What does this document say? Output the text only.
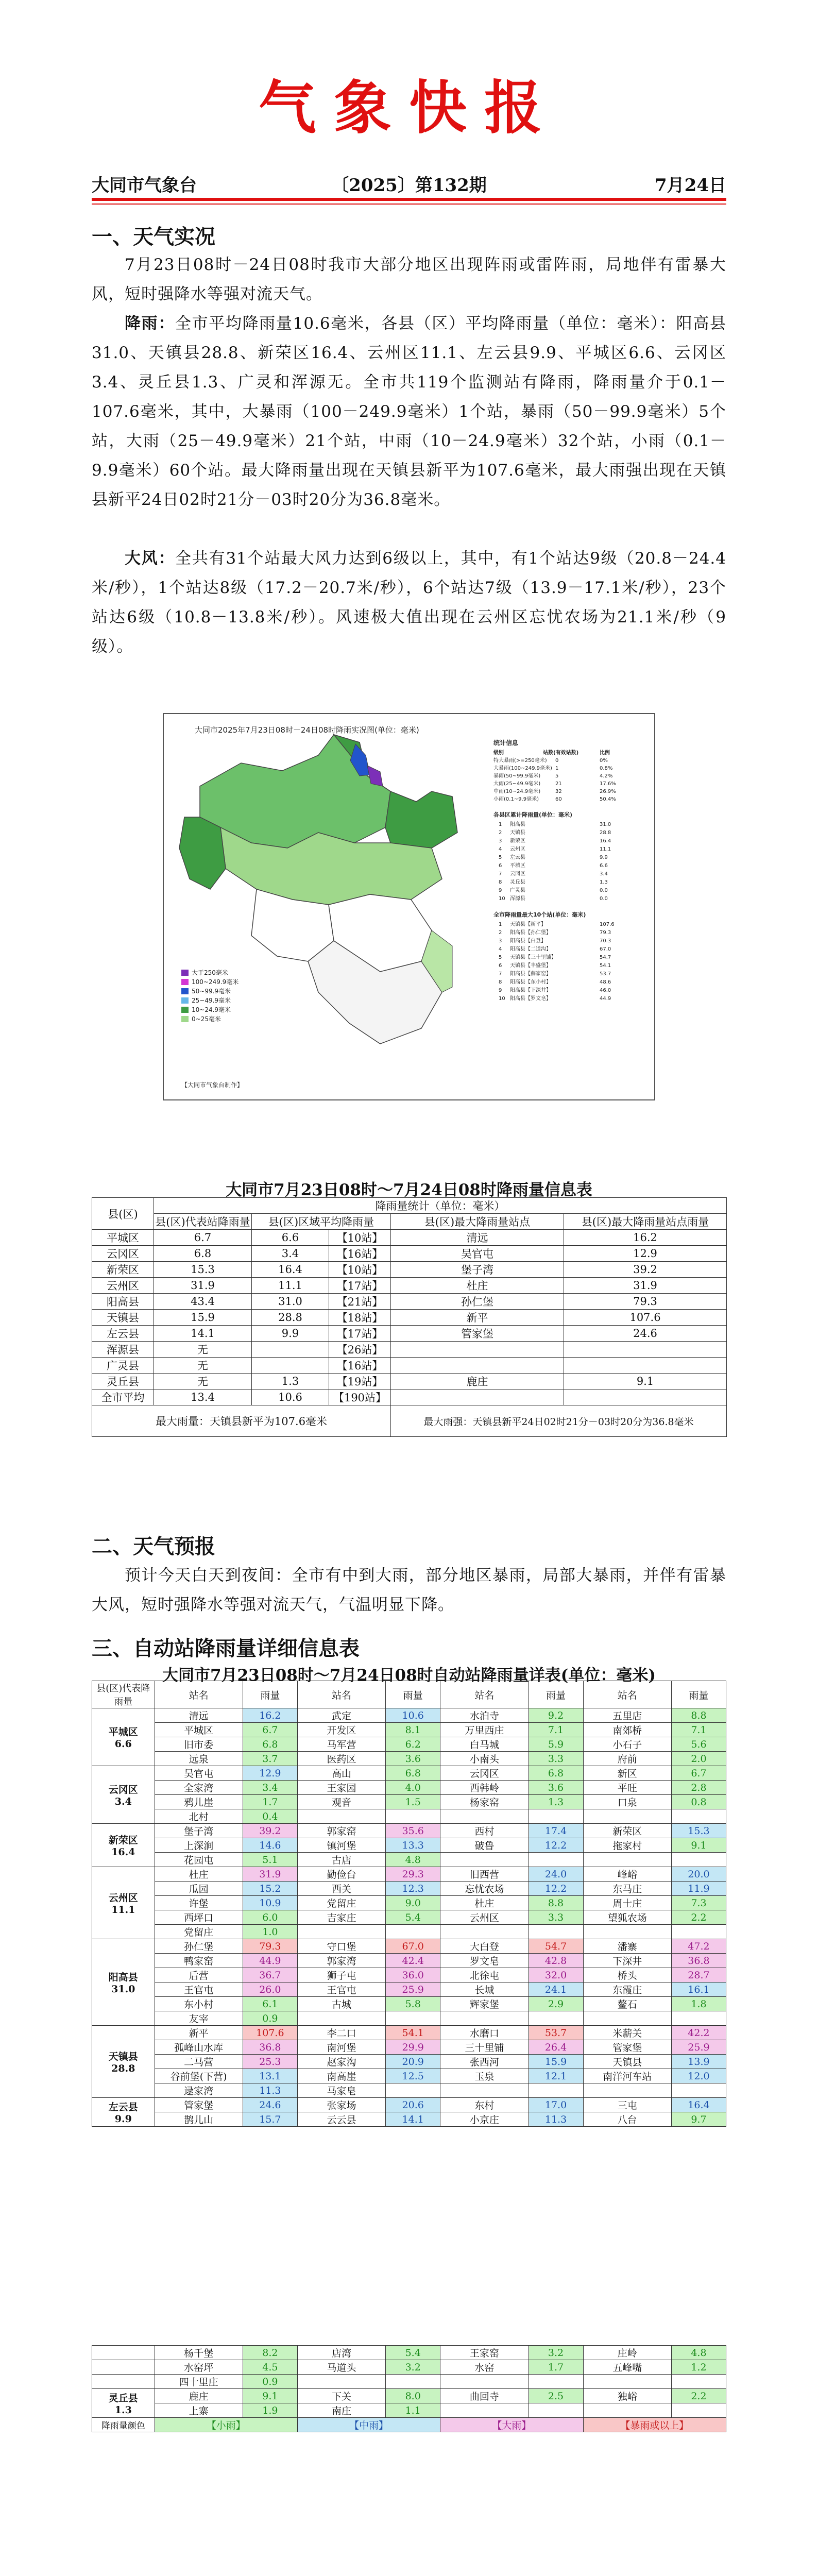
气象快报
大同市气象台	〔2025〕第132期	7月24日
一、天气实况
7月23日08时－24日08时我市大部分地区出现阵雨或雷阵雨，局地伴有雷暴大风，短时强降水等强对流天气。
降雨：全市平均降雨量10.6毫米，各县（区）平均降雨量（单位：毫米）：阳高县31.0、天镇县28.8、新荣区16.4、云州区11.1、左云县9.9、平城区6.6、云冈区3.4、灵丘县1.3、广灵和浑源无。全市共119个监测站有降雨，降雨量介于0.1－107.6毫米，其中，大暴雨（100－249.9毫米）1个站，暴雨（50－99.9毫米）5个站，大雨（25－49.9毫米）21个站，中雨（10－24.9毫米）32个站，小雨（0.1－9.9毫米）60个站。最大降雨量出现在天镇县新平为107.6毫米，最大雨强出现在天镇县新平24日02时21分－03时20分为36.8毫米。
大风：全共有31个站最大风力达到6级以上，其中，有1个站达9级（20.8－24.4米/秒），1个站达8级（17.2－20.7米/秒），6个站达7级（13.9－17.1米/秒），23个站达6级（10.8－13.8米/秒）。风速极大值出现在云州区忘忧农场为21.1米/秒（9级）。
大同市2025年7月23日08时－24日08时降雨实况图(单位：毫米)
大于250毫米
100~249.9毫米
50~99.9毫米
25~49.9毫米
10~24.9毫米
0~25毫米
【大同市气象台制作】
统计信息
级别	站数(有效站数)	比例
特大暴雨(>=250毫米) 0	0%
大暴雨(100~249.9毫米) 1	0.8%
暴雨(50~99.9毫米)	5	4.2%
大雨(25~49.9毫米)	21	17.6%
中雨(10~24.9毫米)	32	26.9%
小雨(0.1~9.9毫米)	60	50.4%
各县区累计降雨量(单位：毫米)
1 阳高县	31.0
2 天镇县	28.8
3 新荣区	16.4
4 云州区	11.1
5 左云县	9.9
6 平城区	6.6
7 云冈区	3.4
8 灵丘县	1.3
9 广灵县	0.0
10 浑源县	0.0
全市降雨量最大10个站(单位：毫米)
1 天镇县【新平】	107.6
2 阳高县【孙仁堡】	79.3
3 阳高县【白登】	70.3
4 阳高县【二道沟】	67.0
5 天镇县【三十里铺】	54.7
6 天镇县【丰盛堡】	54.1
7 阳高县【薛家窑】	53.7
8 阳高县【东小村】	48.6
9 阳高县【下深井】	46.0
10 阳高县【罗文皂】	44.9
大同市7月23日08时～7月24日08时降雨量信息表
县(区)	降雨量统计（单位：毫米）				
	县(区)代表站降雨量	县(区)区域平均降雨量		县(区)最大降雨量站点	县(区)最大降雨量站点雨量
平城区	6.7	6.6	【10站】	清远	16.2
云冈区	6.8	3.4	【16站】	吴官屯	12.9
新荣区	15.3	16.4	【10站】	堡子湾	39.2
云州区	31.9	11.1	【17站】	杜庄	31.9
阳高县	43.4	31.0	【21站】	孙仁堡	79.3
天镇县	15.9	28.8	【18站】	新平	107.6
左云县	14.1	9.9	【17站】	管家堡	24.6
浑源县	无		【26站】		
广灵县	无		【16站】		
灵丘县	无	1.3	【19站】	鹿庄	9.1
全市平均	13.4	10.6	【190站】		
最大雨量：天镇县新平为107.6毫米				最大雨强：天镇县新平24日02时21分－03时20分为36.8毫米	
二、天气预报
预计今天白天到夜间：全市有中到大雨，部分地区暴雨，局部大暴雨，并伴有雷暴大风，短时强降水等强对流天气，气温明显下降。
三、自动站降雨量详细信息表
大同市7月23日08时～7月24日08时自动站降雨量详表(单位：毫米)
县(区)代表降雨量	站名	雨量	站名	雨量	站名	雨量	站名	雨量

平城区
6.6	清远	16.2	武定	10.6	水泊寺	9.2	五里店	8.8
	平城区	6.7	开发区	8.1	万里西庄	7.1	南郊桥	7.1
	旧市委	6.8	马军营	6.2	白马城	5.9	小石子	5.6
	远泉	3.7	医药区	3.6	小南头	3.3	府前	2.0

云冈区
3.4	吴官屯	12.9	高山	6.8	云冈区	6.8	新区	6.7
	全家湾	3.4	王家园	4.0	西韩岭	3.6	平旺	2.8
	鸦儿崖	1.7	观音	1.5	杨家窑	1.3	口泉	0.8
	北村	0.4						

新荣区
16.4	堡子湾	39.2	郭家窑	35.6	西村	17.4	新荣区	15.3
	上深涧	14.6	镇河堡	13.3	破鲁	12.2	拖家村	9.1
	花园屯	5.1	古店	4.8				

云州区
11.1	杜庄	31.9	勤俭台	29.3	旧西营	24.0	峰峪	20.0
	瓜园	15.2	西关	12.3	忘忧农场	12.2	东马庄	11.9
	许堡	10.9	党留庄	9.0	杜庄	8.8	周士庄	7.3
	西坪口	6.0	吉家庄	5.4	云州区	3.3	望狐农场	2.2
	党留庄	1.0						

阳高县
31.0	孙仁堡	79.3	守口堡	67.0	大白登	54.7	潘寨	47.2
	鸭家窑	44.9	郭家湾	42.4	罗文皂	42.8	下深井	36.8
	后营	36.7	狮子屯	36.0	北徐屯	32.0	桥头	28.7
	王官屯	26.0	王官屯	25.9	长城	24.1	东霞庄	16.1
	东小村	6.1	古城	5.8	辉家堡	2.9	鳌石	1.8
	友宰	0.9						

天镇县
28.8	新平	107.6	李二口	54.1	水磨口	53.7	米薪关	42.2
	孤峰山水库	36.8	南河堡	29.9	三十里铺	26.4	管家堡	25.9
	二马营	25.3	赵家沟	20.9	张西河	15.9	天镇县	13.9
	谷前堡(下营)	13.1	南高崖	12.5	玉泉	12.1	南洋河车站	12.0
	逯家湾	11.3	马家皂					

左云县
9.9	管家堡	24.6	张家场	20.6	东村	17.0	三屯	16.4
	鹊儿山	15.7	云云县	14.1	小京庄	11.3	八台	9.7
	杨千堡	8.2	店湾	5.4	王家窑	3.2	庄岭	4.8
	水窑坪	4.5	马道头	3.2	水窑	1.7	五峰嘴	1.2
	四十里庄	0.9						

灵丘县
1.3	鹿庄	9.1	下关	8.0	曲回寺	2.5	独峪	2.2
	上寨	1.9	南庄	1.1				
降雨量颜色	【小雨】		【中雨】		【大雨】		【暴雨或以上】	
